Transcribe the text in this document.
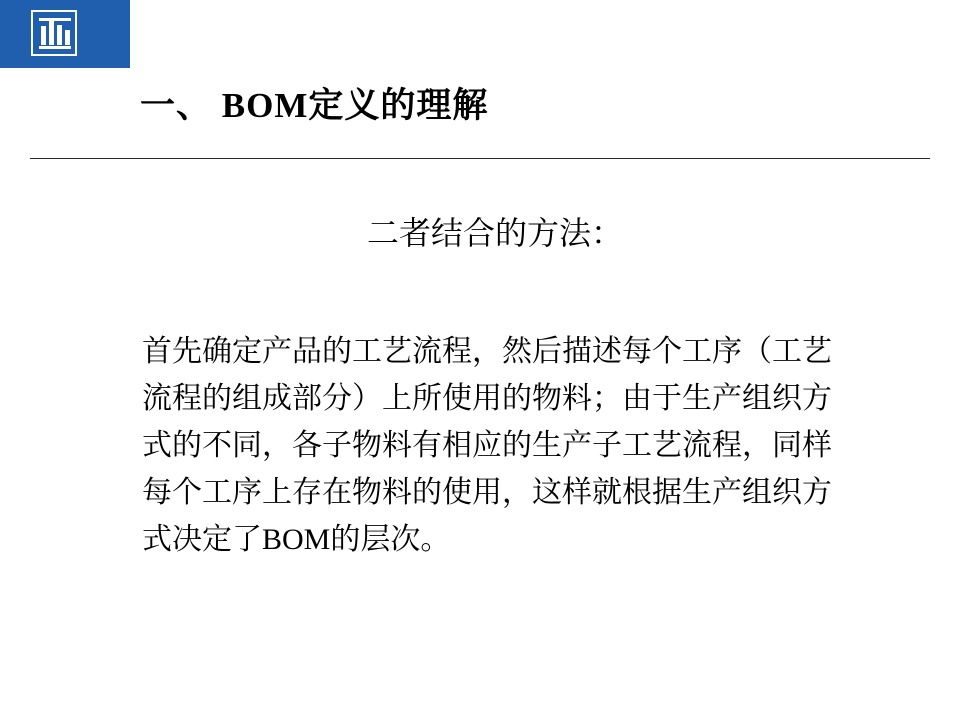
一、 BOM定义的理解
二者结合的方法：
首先确定产品的工艺流程，然后描述每个工序（工艺流程的组成部分）上所使用的物料；由于生产组织方式的不同，各子物料有相应的生产子工艺流程，同样每个工序上存在物料的使用，这样就根据生产组织方式决定了BOM的层次。
